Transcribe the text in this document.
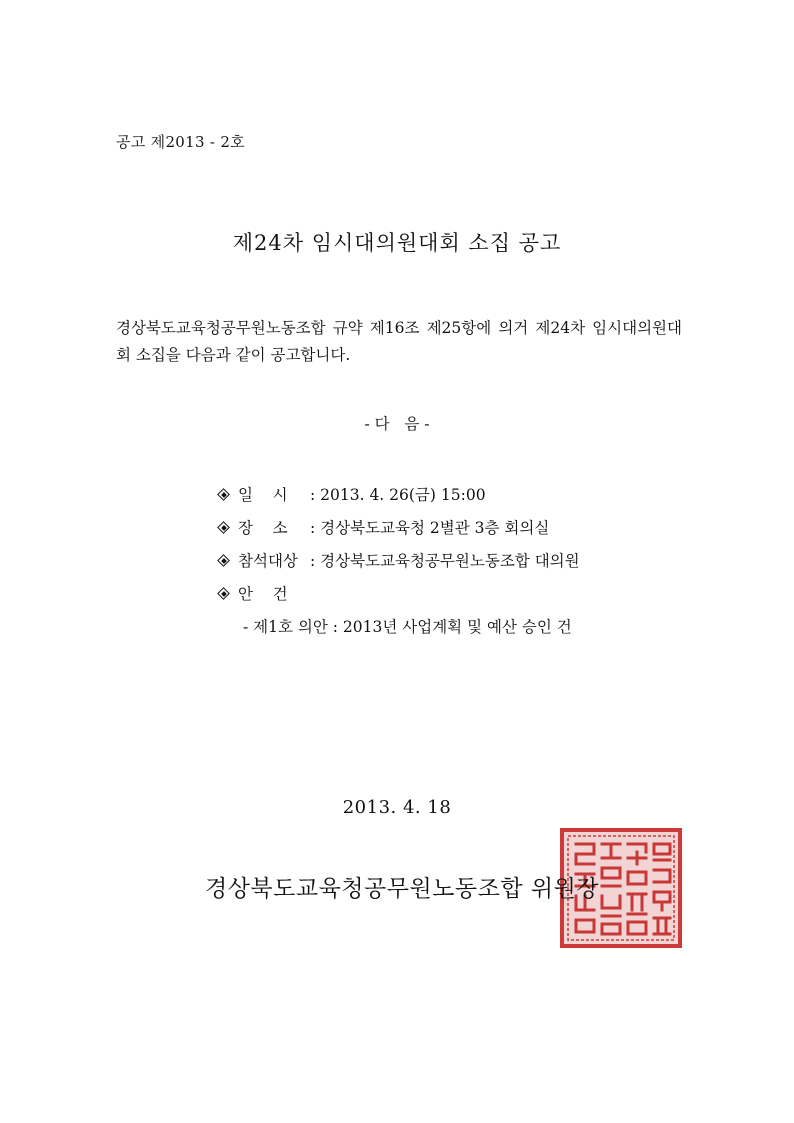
공고 제2013 - 2호
제24차 임시대의원대회 소집 공고
경상북도교육청공무원노동조합 규약 제16조 제25항에 의거 제24차 임시대의원대회 소집을 다음과 같이 공고합니다.
- 다   음 -
일    시 : 2013. 4. 26(금) 15:00
장    소 : 경상북도교육청 2별관 3층 회의실
참석대상 : 경상북도교육청공무원노동조합 대의원
안    건
- 제1호 의안 : 2013년 사업계획 및 예산 승인 건
2013. 4. 18
경상북도교육청공무원노동조합 위원장
